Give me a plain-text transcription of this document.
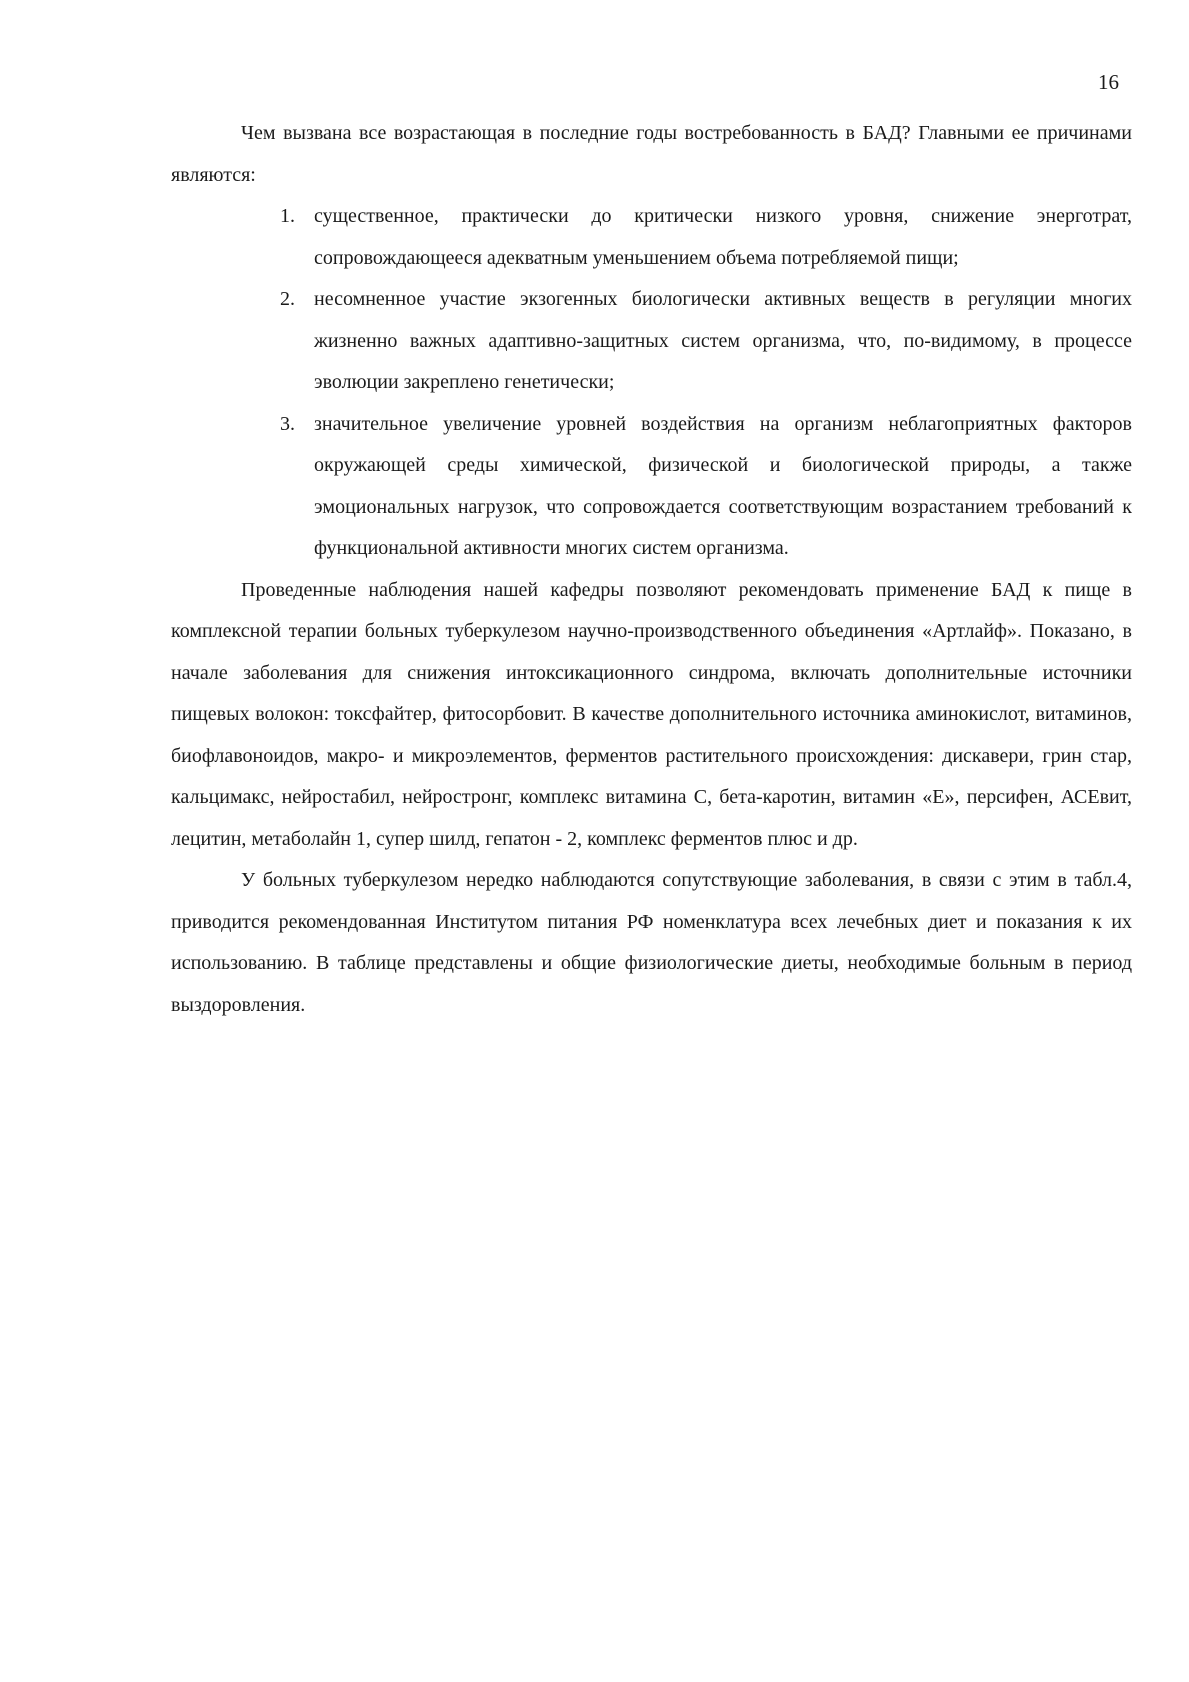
16

Чем вызвана все возрастающая в последние годы востребованность в БАД? Главными ее причинами являются:

1. существенное, практически до критически низкого уровня, снижение энерготрат, сопровождающееся адекватным уменьшением объема потребляемой пищи;
2. несомненное участие экзогенных биологически активных веществ в регуляции многих жизненно важных адаптивно-защитных систем организма, что, по-видимому, в процессе эволюции закреплено генетически;
3. значительное увеличение уровней воздействия на организм неблагоприятных факторов окружающей среды химической, физической и биологической природы, а также эмоциональных нагрузок, что сопровождается соответствующим возрастанием требований к функциональной активности многих систем организма.

Проведенные наблюдения нашей кафедры позволяют рекомендовать применение БАД к пище в комплексной терапии больных туберкулезом научно-производственного объединения «Артлайф». Показано, в начале заболевания для снижения интоксикационного синдрома, включать дополнительные источники пищевых волокон: токсфайтер, фитосорбовит. В качестве дополнительного источника аминокислот, витаминов, биофлавоноидов, макро- и микроэлементов, ферментов растительного происхождения: дискавери, грин стар, кальцимакс, нейростабил, нейростронг, комплекс витамина С, бета-каротин, витамин «Е», персифен, АСЕвит, лецитин, метаболайн 1, супер шилд, гепатон - 2, комплекс ферментов плюс и др.

У больных туберкулезом нередко наблюдаются сопутствующие заболевания, в связи с этим в табл.4, приводится рекомендованная Институтом питания РФ номенклатура всех лечебных диет и показания к их использованию. В таблице представлены и общие физиологические диеты, необходимые больным в период выздоровления.
